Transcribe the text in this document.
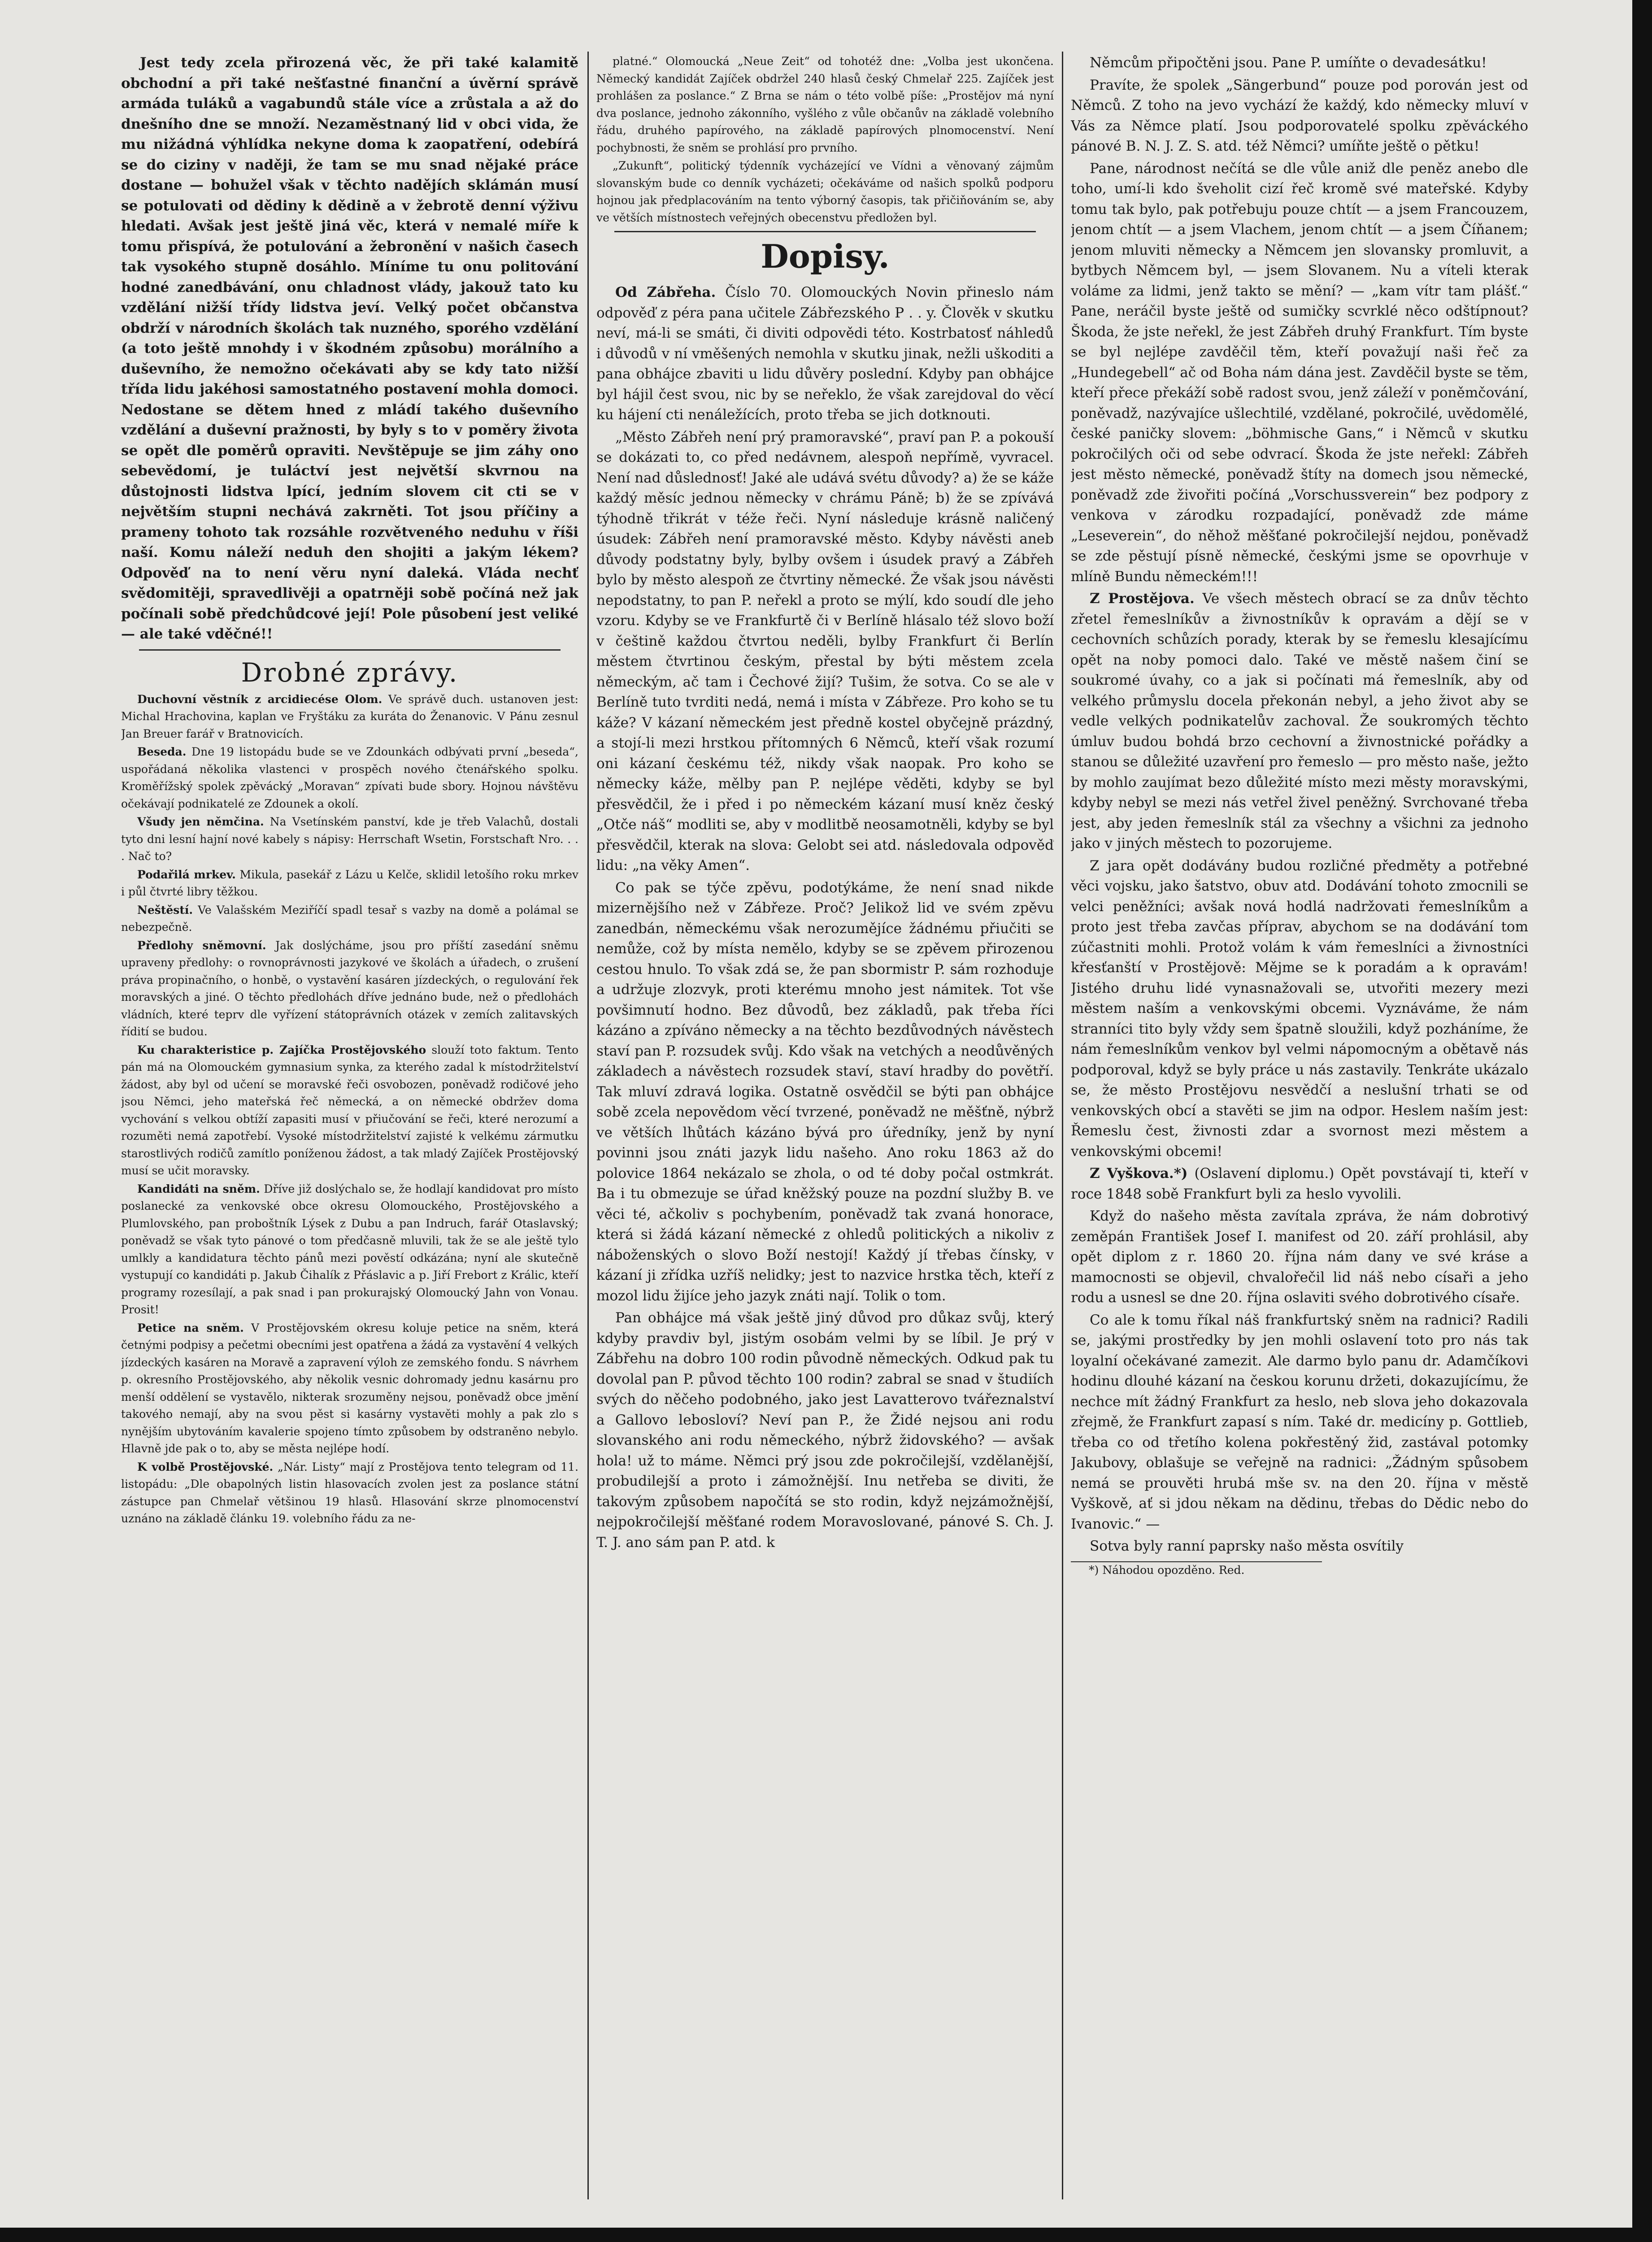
Jest tedy zcela přirozená věc, že při také kalamitě obchodní a při také nešťastné finanční a úvěrní správě armáda tuláků a vagabundů stále více a zrůstala a až do dnešního dne se množí. Nezaměstnaný lid v obci vida, že mu nižádná výhlídka nekyne doma k zaopatření, odebírá se do ciziny v naději, že tam se mu snad nějaké práce dostane — bohužel však v těchto nadějích sklámán musí se potulovati od dědiny k dědině a v žebrotě denní výživu hledati. Avšak jest ještě jiná věc, která v nemalé míře k tomu přispívá, že potulování a žebronění v našich časech tak vysokého stupně dosáhlo. Míníme tu onu politování hodné zanedbávání, onu chladnost vlády, jakouž tato ku vzdělání nižší třídy lidstva jeví. Velký počet občanstva obdrží v národních školách tak nuzného, sporého vzdělání (a toto ještě mnohdy i v škodném způsobu) morálního a duševního, že nemožno očekávati aby se kdy tato nižší třída lidu jakéhosi samostatného postavení mohla domoci. Nedostane se dětem hned z mládí takého duševního vzdělání a duševní pražnosti, by byly s to v poměry života se opět dle poměrů opraviti. Nevštěpuje se jim záhy ono sebevědomí, je tuláctví jest největší skvrnou na důstojnosti lidstva lpící, jedním slovem cit cti se v největším stupni nechává zakrněti. Tot jsou příčiny a prameny tohoto tak rozsáhle rozvětveného neduhu v říši naší. Komu náleží neduh den shojiti a jakým lékem? Odpověď na to není věru nyní daleká. Vláda nechť svědomitěji, spravedlivěji a opatrněji sobě počíná než jak počínali sobě předchůdcové její! Pole působení jest veliké — ale také vděčné!!

Drobné zprávy.

Duchovní věstník z arcidiecése Olom. Ve správě duch. ustanoven jest: Michal Hrachovina, kaplan ve Fryštáku za kuráta do Ženanovic. V Pánu zesnul Jan Breuer farář v Bratnovicích.

Beseda. Dne 19 listopádu bude se ve Zdounkách odbývati první „beseda“, uspořádaná několika vlastenci v prospěch nového čtenářského spolku. Kroměřížský spolek zpěvácký „Moravan“ zpívati bude sbory. Hojnou návštěvu očekávají podnikatelé ze Zdounek a okolí.

Všudy jen němčina. Na Vsetínském panství, kde je třeb Valachů, dostali tyto dni lesní hajní nové kabely s nápisy: Herrschaft Wsetin, Forstschaft Nro. . . . Nač to?

Podařilá mrkev. Mikula, pasekář z Lázu u Kelče, sklidil letošího roku mrkev i půl čtvrté libry těžkou.

Neštěstí. Ve Valašském Meziříčí spadl tesař s vazby na domě a polámal se nebezpečně.

Předlohy sněmovní. Jak doslýcháme, jsou pro příští zasedání sněmu upraveny předlohy: o rovnoprávnosti jazykové ve školách a úřadech, o zrušení práva propinačního, o honbě, o vystavění kasáren jízdeckých, o regulování řek moravských a jiné. O těchto předlohách dříve jednáno bude, než o předlohách vládních, které teprv dle vyřízení státoprávních otázek v zemích zalitavských řídití se budou.

Ku charakteristice p. Zajíčka Prostějovského slouží toto faktum. Tento pán má na Olomouckém gymnasium synka, za kterého zadal k místodržitelství žádost, aby byl od učení se moravské řeči osvobozen, poněvadž rodičové jeho jsou Němci, jeho mateřská řeč německá, a on německé obdržev doma vychování s velkou obtíží zapasiti musí v přiučování se řeči, které nerozumí a rozuměti nemá zapotřebí. Vysoké místodržitelství zajisté k velkému zármutku starostlivých rodičů zamítlo poníženou žádost, a tak mladý Zajíček Prostějovský musí se učit moravsky.

Kandidáti na sněm. Dříve již doslýchalo se, že hodlají kandidovat pro místo poslanecké za venkovské obce okresu Olomouckého, Prostějovského a Plumlovského, pan proboštník Lýsek z Dubu a pan Indruch, farář Otaslavský; poněvadž se však tyto pánové o tom předčasně mluvili, tak že se ale ještě tylo umlkly a kandidatura těchto pánů mezi pověstí odkázána; nyní ale skutečně vystupují co kandidáti p. Jakub Čihalík z Přáslavic a p. Jiří Frebort z Králic, kteří programy rozesílají, a pak snad i pan prokurajský Olomoucký Jahn von Vonau. Prosit!

Petice na sněm. V Prostějovském okresu koluje petice na sněm, která četnými podpisy a pečetmi obecními jest opatřena a žádá za vystavění 4 velkých jízdeckých kasáren na Moravě a zapravení výloh ze zemského fondu. S návrhem p. okresního Prostějovského, aby několik vesnic dohromady jednu kasárnu pro menší oddělení se vystavělo, nikterak srozuměny nejsou, poněvadž obce jmění takového nemají, aby na svou pěst si kasárny vystavěti mohly a pak zlo s nynějším ubytováním kavalerie spojeno tímto způsobem by odstraněno nebylo. Hlavně jde pak o to, aby se města nejlépe hodí.

K volbě Prostějovské. „Nár. Listy“ mají z Prostějova tento telegram od 11. listopádu: „Dle obapolných listin hlasovacích zvolen jest za poslance státní zástupce pan Chmelař většinou 19 hlasů. Hlasování skrze plnomocenství uznáno na základě článku 19. volebního řádu za ne-

platné.“ Olomoucká „Neue Zeit“ od tohotéž dne: „Volba jest ukončena. Německý kandidát Zajíček obdržel 240 hlasů český Chmelař 225. Zajíček jest prohlášen za poslance.“ Z Brna se nám o této volbě píše: „Prostějov má nyní dva poslance, jednoho zákonního, vyšlého z vůle občanův na základě volebního řádu, druhého papírového, na základě papírových plnomocenství. Není pochybnosti, že sněm se prohlásí pro prvního.

„Zukunft“, politický týdenník vycházející ve Vídni a věnovaný zájmům slovanským bude co denník vycházeti; očekáváme od našich spolků podporu hojnou jak předplacováním na tento výborný časopis, tak přičiňováním se, aby ve větších místnostech veřejných obecenstvu předložen byl.

Dopisy.

Od Zábřeha. Číslo 70. Olomouckých Novin přineslo nám odpověď z péra pana učitele Zábřezského P . . y. Člověk v skutku neví, má-li se smáti, či diviti odpovědi této. Kostrbatosť náhledů i důvodů v ní vměšených nemohla v skutku jinak, nežli uškoditi a pana obhájce zbaviti u lidu důvěry poslední. Kdyby pan obhájce byl hájil čest svou, nic by se neřeklo, že však zarejdoval do věcí ku hájení cti nenáležících, proto třeba se jich dotknouti.

„Město Zábřeh není prý pramoravské“, praví pan P. a pokouší se dokázati to, co před nedávnem, alespoň nepřímě, vyvracel. Není nad důslednosť! Jaké ale udává svétu důvody? a) že se káže každý měsíc jednou německy v chrámu Páně; b) že se zpívává týhodně třikrát v téže řeči. Nyní následuje krásně naličený úsudek: Zábřeh není pramoravské město. Kdyby návěsti aneb důvody podstatny byly, bylby ovšem i úsudek pravý a Zábřeh bylo by město alespoň ze čtvrtiny německé. Že však jsou návěsti nepodstatny, to pan P. neřekl a proto se mýlí, kdo soudí dle jeho vzoru. Kdyby se ve Frankfurtě či v Berlíně hlásalo též slovo boží v češtině každou čtvrtou neděli, bylby Frankfurt či Berlín městem čtvrtinou českým, přestal by býti městem zcela německým, ač tam i Čechové žijí? Tušim, že sotva. Co se ale v Berlíně tuto tvrditi nedá, nemá i místa v Zábřeze. Pro koho se tu káže? V kázaní německém jest předně kostel obyčejně prázdný, a stojí-li mezi hrstkou přítomných 6 Němců, kteří však rozumí oni kázaní českému též, nikdy však naopak. Pro koho se německy káže, mělby pan P. nejlépe věděti, kdyby se byl přesvědčil, že i před i po německém kázaní musí kněz český „Otče náš“ modliti se, aby v modlitbě neosamotněli, kdyby se byl přesvědčil, kterak na slova: Gelobt sei atd. následovala odpověď lidu: „na věky Amen“.

Co pak se týče zpěvu, podotýkáme, že není snad nikde mizernějšího než v Zábřeze. Proč? Jelikož lid ve svém zpěvu zanedbán, německému však nerozumějíce žádnému přiučiti se nemůže, což by místa nemělo, kdyby se se zpěvem přirozenou cestou hnulo. To však zdá se, že pan sbormistr P. sám rozhoduje a udržuje zlozvyk, proti kterému mnoho jest námitek. Tot vše povšimnutí hodno. Bez důvodů, bez základů, pak třeba říci kázáno a zpíváno německy a na těchto bezdůvodných návěstech staví pan P. rozsudek svůj. Kdo však na vetchých a neodůvěných základech a návěstech rozsudek staví, staví hradby do povětří. Tak mluví zdravá logika. Ostatně osvědčil se býti pan obhájce sobě zcela nepovědom věcí tvrzené, poněvadž ne měšťně, nýbrž ve větších lhůtách kázáno bývá pro úředníky, jenž by nyní povinni jsou znáti jazyk lidu našeho. Ano roku 1863 až do polovice 1864 nekázalo se zhola, o od té doby počal ostmkrát. Ba i tu obmezuje se úřad kněžský pouze na pozdní služby B. ve věci té, ačkoliv s pochybením, poněvadž tak zvaná honorace, která si žádá kázaní německé z ohledů politických a nikoliv z náboženských o slovo Boží nestojí! Každý jí třebas čínsky, v kázaní ji zřídka uzříš nelidky; jest to nazvice hrstka těch, kteří z mozol lidu žijíce jeho jazyk znáti nají. Tolik o tom.

Pan obhájce má však ještě jiný důvod pro důkaz svůj, který kdyby pravdiv byl, jistým osobám velmi by se líbil. Je prý v Zábřehu na dobro 100 rodin původně německých. Odkud pak tu dovolal pan P. původ těchto 100 rodin? zabral se snad v študiích svých do něčeho podobného, jako jest Lavatterovo tvářeznalství a Gallovo lebosloví? Neví pan P., že Židé nejsou ani rodu slovanského ani rodu německého, nýbrž židovského? — avšak hola! už to máme. Němci prý jsou zde pokročilejší, vzdělanější, probudilejší a proto i zámožnější. Inu netřeba se diviti, že takovým způsobem napočítá se sto rodin, když nejzámožnější, nejpokročilejší měšťané rodem Moravoslované, pánové S. Ch. J. T. J. ano sám pan P. atd. k

Němcům připočtěni jsou. Pane P. umíňte o devadesátku!

Pravíte, že spolek „Sängerbund“ pouze pod porován jest od Němců. Z toho na jevo vychází že každý, kdo německy mluví v Vás za Němce platí. Jsou podporovatelé spolku zpěváckého pánové B. N. J. Z. S. atd. též Němci? umíňte ještě o pětku!

Pane, národnost nečítá se dle vůle aniž dle peněz anebo dle toho, umí-li kdo šveholit cizí řeč kromě své mateřské. Kdyby tomu tak bylo, pak potřebuju pouze chtít — a jsem Francouzem, jenom chtít — a jsem Vlachem, jenom chtít — a jsem Číňanem; jenom mluviti německy a Němcem jen slovansky promluvit, a bytbych Němcem byl, — jsem Slovanem. Nu a víteli kterak voláme za lidmi, jenž takto se mění? — „kam vítr tam plášť.“ Pane, neráčil byste ještě od sumičky scvrklé něco odštípnout? Škoda, že jste neřekl, že jest Zábřeh druhý Frankfurt. Tím byste se byl nejlépe zavděčil těm, kteří považují naši řeč za „Hundegebell“ ač od Boha nám dána jest. Zavděčil byste se těm, kteří přece překáží sobě radost svou, jenž záleží v poněmčování, poněvadž, nazývajíce ušlechtilé, vzdělané, pokročilé, uvědomělé, české paničky slovem: „böhmische Gans,“ i Němců v skutku pokročilých oči od sebe odvrací. Škoda že jste neřekl: Zábřeh jest město německé, poněvadž štíty na domech jsou německé, poněvadž zde živořiti počíná „Vorschussverein“ bez podpory z venkova v zárodku rozpadající, poněvadž zde máme „Leseverein“, do něhož měšťané pokročilejší nejdou, poněvadž se zde pěstují písně německé, českými jsme se opovrhuje v mlíně Bundu německém!!!

Z Prostějova. Ve všech městech obrací se za dnův těchto zřetel řemeslníkův a živnostníkův k opravám a dějí se v cechovních schůzích porady, kterak by se řemeslu klesajícímu opět na noby pomoci dalo. Také ve městě našem činí se soukromé úvahy, co a jak si počínati má řemeslník, aby od velkého průmyslu docela překonán nebyl, a jeho život aby se vedle velkých podnikatelův zachoval. Že soukromých těchto úmluv budou bohdá brzo cechovní a živnostnické pořádky a stanou se důležité uzavření pro řemeslo — pro město naše, ježto by mohlo zaujímat bezo důležité místo mezi městy moravskými, kdyby nebyl se mezi nás vetřel živel peněžný. Svrchované třeba jest, aby jeden řemeslník stál za všechny a všichni za jednoho jako v jiných městech to pozorujeme.

Z jara opět dodávány budou rozličné předměty a potřebné věci vojsku, jako šatstvo, obuv atd. Dodávání tohoto zmocnili se velci peněžníci; avšak nová hodlá nadržovati řemeslníkům a proto jest třeba zavčas příprav, abychom se na dodávání tom zúčastniti mohli. Protož volám k vám řemeslníci a živnostníci křesťanští v Prostějově: Mějme se k poradám a k opravám! Jistého druhu lidé vynasnažovali se, utvořiti mezery mezi městem naším a venkovskými obcemi. Vyznáváme, že nám stranníci tito byly vždy sem špatně sloužili, když pozháníme, že nám řemeslníkům venkov byl velmi nápomocným a obětavě nás podporoval, když se byly práce u nás zastavily. Tenkráte ukázalo se, že město Prostějovu nesvědčí a neslušní trhati se od venkovských obcí a stavěti se jim na odpor. Heslem naším jest: Řemeslu čest, živnosti zdar a svornost mezi městem a venkovskými obcemi!

Z Vyškova.*) (Oslavení diplomu.) Opět povstávají ti, kteří v roce 1848 sobě Frankfurt byli za heslo vyvolili.

Když do našeho města zavítala zpráva, že nám dobrotivý zeměpán František Josef I. manifest od 20. září prohlásil, aby opět diplom z r. 1860 20. října nám dany ve své kráse a mamocnosti se objevil, chvalořečil lid náš nebo císaři a jeho rodu a usnesl se dne 20. října oslaviti svého dobrotivého císaře.

Co ale k tomu říkal náš frankfurtský sněm na radnici? Radili se, jakými prostředky by jen mohli oslavení toto pro nás tak loyalní očekávané zamezit. Ale darmo bylo panu dr. Adamčíkovi hodinu dlouhé kázaní na českou korunu držeti, dokazujícímu, že nechce mít žádný Frankfurt za heslo, neb slova jeho dokazovala zřejmě, že Frankfurt zapasí s ním. Také dr. medicíny p. Gottlieb, třeba co od třetího kolena pokřestěný žid, zastával potomky Jakubovy, oblašuje se veřejně na radnici: „Žádným spůsobem nemá se prouvěti hrubá mše sv. na den 20. října v městě Vyškově, ať si jdou někam na dědinu, třebas do Dědic nebo do Ivanovic.“ —

Sotva byly ranní paprsky našo města osvítily

*) Náhodou opozděno. Red.
